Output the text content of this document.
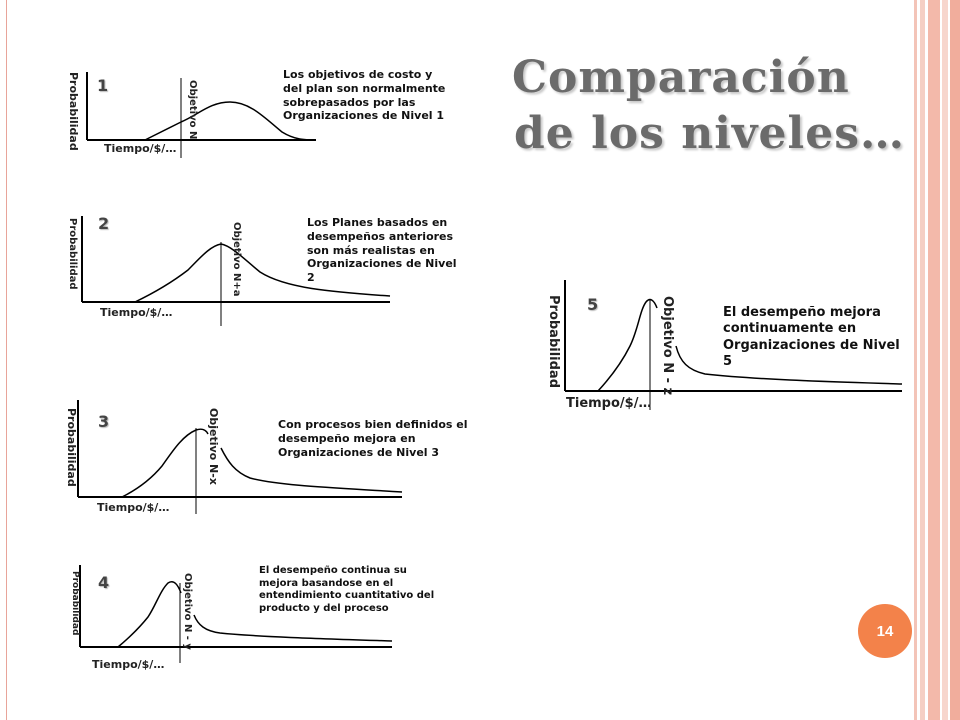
Comparación
de los niveles…
Probabilidad 1	Objetivo N
Tiempo/$/…
Los objetivos de costo y del plan son normalmente sobrepasados por las Organizaciones de Nivel 1
Probabilidad 2	Objetivo N+a
Tiempo/$/…
Los Planes basados en desempeños anteriores son más realistas en Organizaciones de Nivel 2
Probabilidad 3	Objetivo N-x
Tiempo/$/…
Con procesos bien definidos el desempeño mejora en Organizaciones de Nivel 3
Probabilidad 4	Objetivo N - y
Tiempo/$/…
El desempeño continua su mejora basandose en el entendimiento cuantitativo del producto y del proceso
Probabilidad 5	Objetivo N - z
Tiempo/$/…
El desempeño mejora continuamente en Organizaciones de Nivel 5
14
